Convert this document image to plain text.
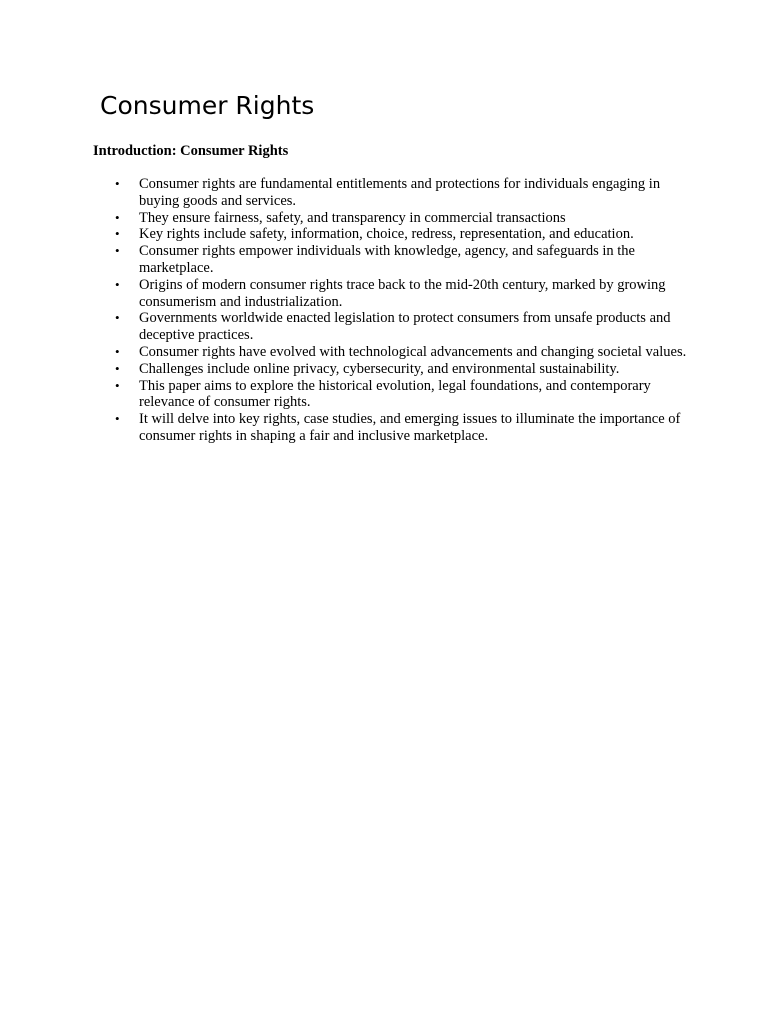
Consumer Rights
Introduction: Consumer Rights
• Consumer rights are fundamental entitlements and protections for individuals engaging in buying goods and services.
• They ensure fairness, safety, and transparency in commercial transactions
• Key rights include safety, information, choice, redress, representation, and education.
• Consumer rights empower individuals with knowledge, agency, and safeguards in the marketplace.
• Origins of modern consumer rights trace back to the mid-20th century, marked by growing consumerism and industrialization.
• Governments worldwide enacted legislation to protect consumers from unsafe products and deceptive practices.
• Consumer rights have evolved with technological advancements and changing societal values.
• Challenges include online privacy, cybersecurity, and environmental sustainability.
• This paper aims to explore the historical evolution, legal foundations, and contemporary relevance of consumer rights.
• It will delve into key rights, case studies, and emerging issues to illuminate the importance of consumer rights in shaping a fair and inclusive marketplace.
